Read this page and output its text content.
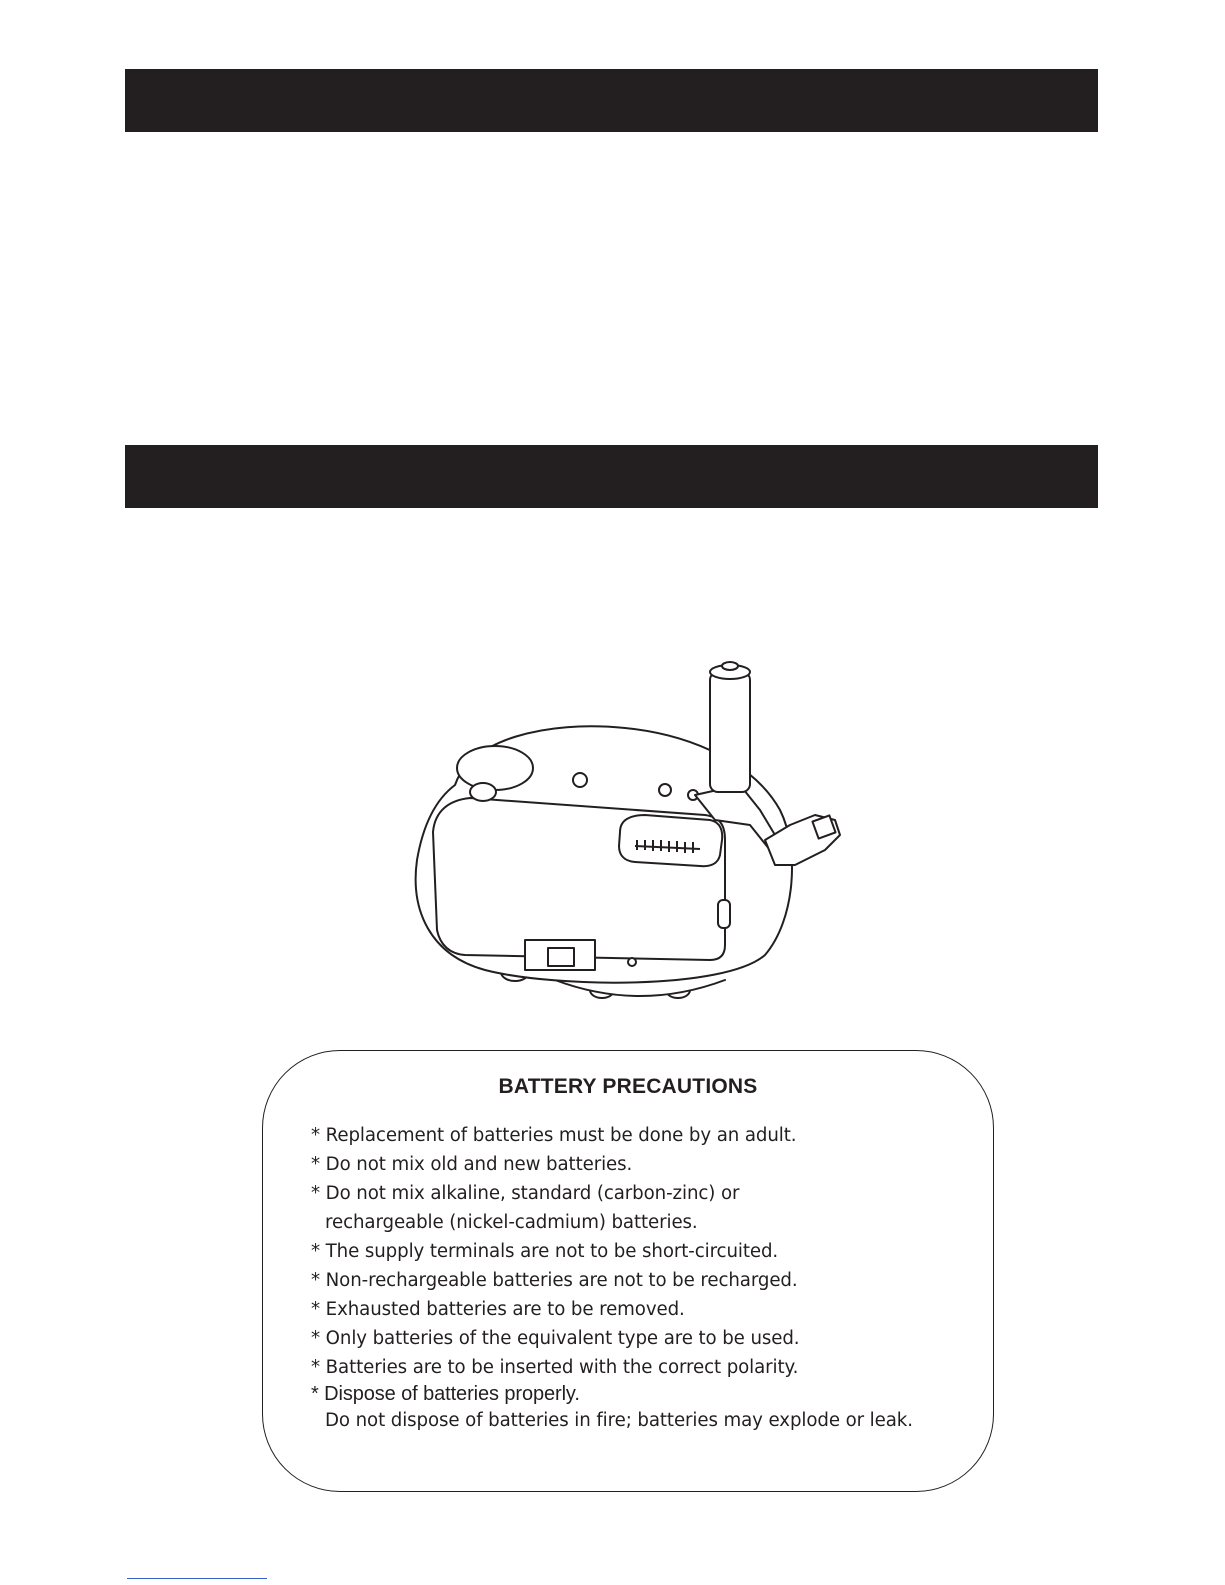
BATTERY PRECAUTIONS
* Replacement of batteries must be done by an adult.
* Do not mix old and new batteries.
* Do not mix alkaline, standard (carbon-zinc) or
rechargeable (nickel-cadmium) batteries.
* The supply terminals are not to be short-circuited.
* Non-rechargeable batteries are not to be recharged.
* Exhausted batteries are to be removed.
* Only batteries of the equivalent type are to be used.
* Batteries are to be inserted with the correct polarity.
* Dispose of batteries properly.
Do not dispose of batteries in fire; batteries may explode or leak.
